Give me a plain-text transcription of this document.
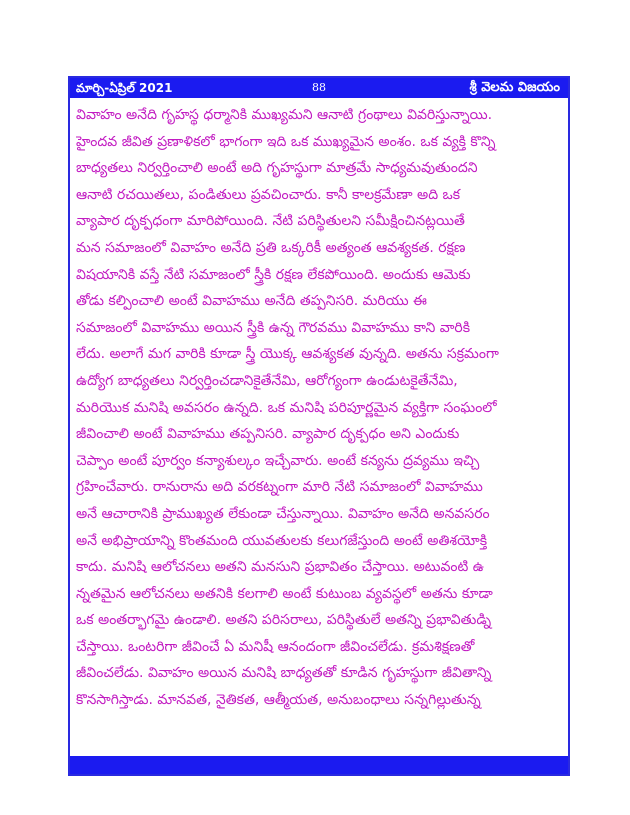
మార్చి-ఏప్రిల్ 2021	88	శ్రీ వెలమ విజయం
వివాహం అనేది గృహస్థ ధర్మానికి ముఖ్యమని ఆనాటి గ్రంథాలు వివరిస్తున్నాయి.
హైందవ జీవిత ప్రణాళికలో భాగంగా ఇది ఒక ముఖ్యమైన అంశం. ఒక వ్యక్తి కొన్ని
బాధ్యతలు నిర్వర్తించాలి అంటే అది గృహస్థుగా మాత్రమే సాధ్యమవుతుందని
ఆనాటి రచయితలు, పండితులు ప్రవచించారు. కానీ కాలక్రమేణా అది ఒక
వ్యాపార దృక్పధంగా మారిపోయింది. నేటి పరిస్థితులని సమీక్షించినట్లయితే
మన సమాజంలో వివాహం అనేది ప్రతి ఒక్కరికీ అత్యంత ఆవశ్యకత. రక్షణ
విషయానికి వస్తే నేటి సమాజంలో స్త్రీకి రక్షణ లేకపోయింది. అందుకు ఆమెకు
తోడు కల్పించాలి అంటే వివాహము అనేది తప్పనిసరి. మరియు ఈ
సమాజంలో వివాహము అయిన స్త్రీకి ఉన్న గౌరవము వివాహము కాని వారికి
లేదు. అలాగే మగ వారికి కూడా స్త్రీ యొక్క ఆవశ్యకత వున్నది. అతను సక్రమంగా
ఉద్యోగ బాధ్యతలు నిర్వర్తించడానికైతేనేమి, ఆరోగ్యంగా ఉండుటకైతేనేమి,
మరియొక మనిషి అవసరం ఉన్నది. ఒక మనిషి పరిపూర్ణమైన వ్యక్తిగా సంఘంలో
జీవించాలి అంటే వివాహము తప్పనిసరి. వ్యాపార దృక్పధం అని ఎందుకు
చెప్పాం అంటే పూర్వం కన్యాశుల్కం ఇచ్చేవారు. అంటే కన్యను ద్రవ్యము ఇచ్చి
గ్రహించేవారు. రానురాను అది వరకట్నంగా మారి నేటి సమాజంలో వివాహము
అనే ఆచారానికి ప్రాముఖ్యత లేకుండా చేస్తున్నాయి. వివాహం అనేది అనవసరం
అనే అభిప్రాయాన్ని కొంతమంది యువతులకు కలుగజేస్తుంది అంటే అతిశయోక్తి
కాదు. మనిషి ఆలోచనలు అతని మనసుని ప్రభావితం చేస్తాయి. అటువంటి ఉ
న్నతమైన ఆలోచనలు అతనికి కలగాలి అంటే కుటుంబ వ్యవస్థలో అతను కూడా
ఒక అంతర్భాగమై ఉండాలి. అతని పరిసరాలు, పరిస్థితులే అతన్ని ప్రభావితుడ్ని
చేస్తాయి. ఒంటరిగా జీవించే ఏ మనిషీ ఆనందంగా జీవించలేడు. క్రమశిక్షణతో
జీవించలేడు. వివాహం అయిన మనిషి బాధ్యతతో కూడిన గృహస్థుగా జీవితాన్ని
కొనసాగిస్తాడు. మానవత, నైతికత, ఆత్మీయత, అనుబంధాలు సన్నగిల్లుతున్న
